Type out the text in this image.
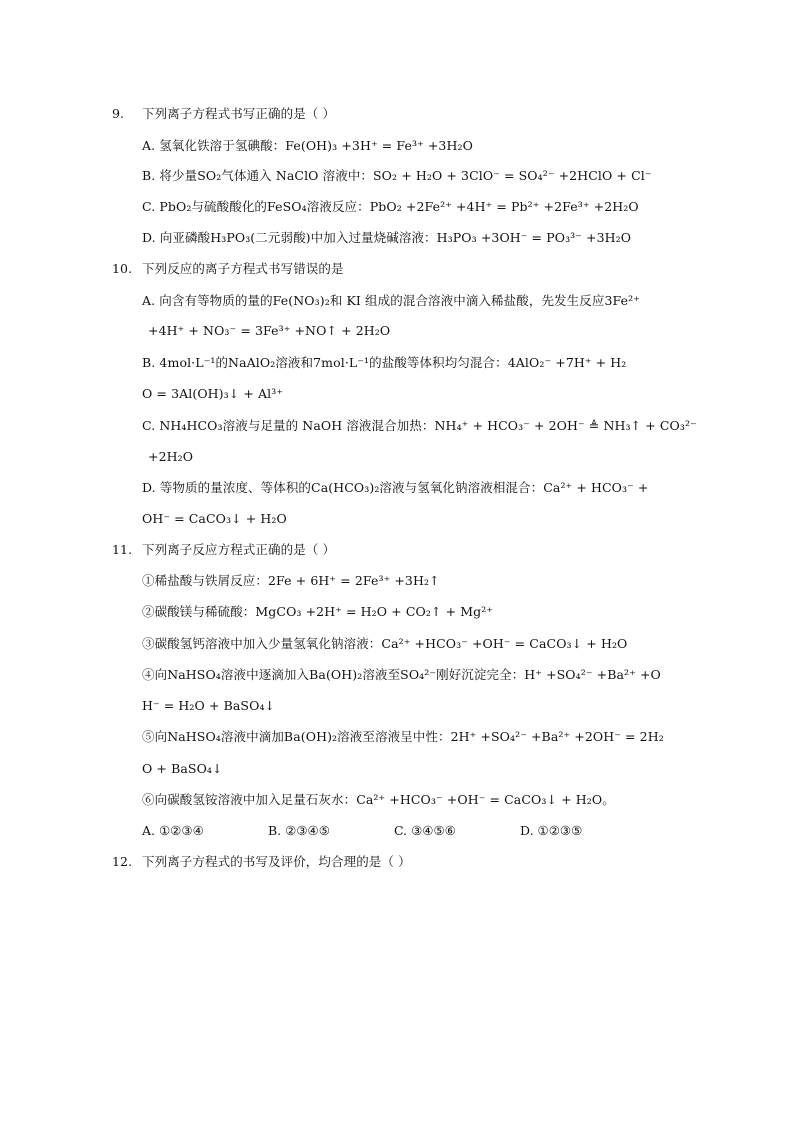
9. 下列离子方程式书写正确的是（ ）
A. 氢氧化铁溶于氢碘酸：Fe(OH)₃ +3H⁺ = Fe³⁺ +3H₂O
B. 将少量SO₂气体通入 NaClO 溶液中：SO₂ + H₂O + 3ClO⁻ = SO₄²⁻ +2HClO + Cl⁻
C. PbO₂与硫酸酸化的FeSO₄溶液反应：PbO₂ +2Fe²⁺ +4H⁺ = Pb²⁺ +2Fe³⁺ +2H₂O
D. 向亚磷酸H₃PO₃(二元弱酸)中加入过量烧碱溶液：H₃PO₃ +3OH⁻ = PO₃³⁻ +3H₂O
10. 下列反应的离子方程式书写错误的是
A. 向含有等物质的量的Fe(NO₃)₂和 KI 组成的混合溶液中滴入稀盐酸，先发生反应3Fe²⁺
+4H⁺ + NO₃⁻ = 3Fe³⁺ +NO↑ + 2H₂O
B. 4mol·L⁻¹的NaAlO₂溶液和7mol·L⁻¹的盐酸等体积均匀混合：4AlO₂⁻ +7H⁺ + H₂
O = 3Al(OH)₃↓ + Al³⁺
C. NH₄HCO₃溶液与足量的 NaOH 溶液混合加热：NH₄⁺ + HCO₃⁻ + 2OH⁻ ≜ NH₃↑ + CO₃²⁻
+2H₂O
D. 等物质的量浓度、等体积的Ca(HCO₃)₂溶液与氢氧化钠溶液相混合：Ca²⁺ + HCO₃⁻ +
OH⁻ = CaCO₃↓ + H₂O
11. 下列离子反应方程式正确的是（ ）
①稀盐酸与铁屑反应：2Fe + 6H⁺ = 2Fe³⁺ +3H₂↑
②碳酸镁与稀硫酸：MgCO₃ +2H⁺ = H₂O + CO₂↑ + Mg²⁺
③碳酸氢钙溶液中加入少量氢氧化钠溶液：Ca²⁺ +HCO₃⁻ +OH⁻ = CaCO₃↓ + H₂O
④向NaHSO₄溶液中逐滴加入Ba(OH)₂溶液至SO₄²⁻刚好沉淀完全：H⁺ +SO₄²⁻ +Ba²⁺ +O
H⁻ = H₂O + BaSO₄↓
⑤向NaHSO₄溶液中滴加Ba(OH)₂溶液至溶液呈中性：2H⁺ +SO₄²⁻ +Ba²⁺ +2OH⁻ = 2H₂
O + BaSO₄↓
⑥向碳酸氢铵溶液中加入足量石灰水：Ca²⁺ +HCO₃⁻ +OH⁻ = CaCO₃↓ + H₂O。
A. ①②③④	B. ②③④⑤	C. ③④⑤⑥	D. ①②③⑤
12. 下列离子方程式的书写及评价，均合理的是（ ）
